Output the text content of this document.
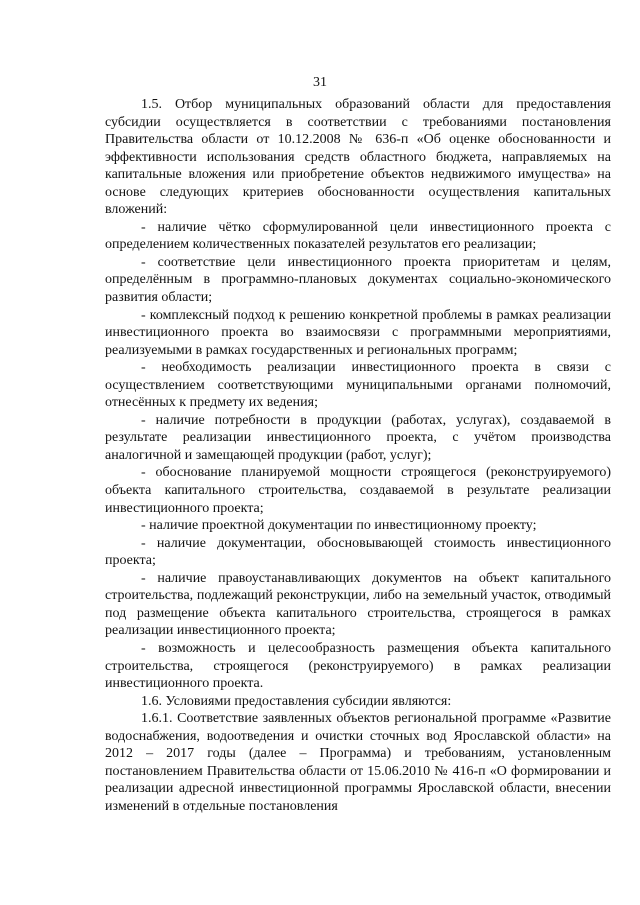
31

1.5. Отбор муниципальных образований области для предоставления субсидии осуществляется в соответствии с требованиями постановления Правительства области от 10.12.2008 № 636-п «Об оценке обоснованности и эффективности использования средств областного бюджета, направляемых на капитальные вложения или приобретение объектов недвижимого имущества» на основе следующих критериев обоснованности осуществления капитальных вложений:

- наличие чётко сформулированной цели инвестиционного проекта с определением количественных показателей результатов его реализации;

- соответствие цели инвестиционного проекта приоритетам и целям, определённым в программно-плановых документах социально-экономического развития области;

- комплексный подход к решению конкретной проблемы в рамках реализации инвестиционного проекта во взаимосвязи с программными мероприятиями, реализуемыми в рамках государственных и региональных программ;

- необходимость реализации инвестиционного проекта в связи с осуществлением соответствующими муниципальными органами полномочий, отнесённых к предмету их ведения;

- наличие потребности в продукции (работах, услугах), создаваемой в результате реализации инвестиционного проекта, с учётом производства аналогичной и замещающей продукции (работ, услуг);

- обоснование планируемой мощности строящегося (реконструируемого) объекта капитального строительства, создаваемой в результате реализации инвестиционного проекта;

- наличие проектной документации по инвестиционному проекту;

- наличие документации, обосновывающей стоимость инвестиционного проекта;

- наличие правоустанавливающих документов на объект капитального строительства, подлежащий реконструкции, либо на земельный участок, отводимый под размещение объекта капитального строительства, строящегося в рамках реализации инвестиционного проекта;

- возможность и целесообразность размещения объекта капитального строительства, строящегося (реконструируемого) в рамках реализации инвестиционного проекта.

1.6. Условиями предоставления субсидии являются:

1.6.1. Соответствие заявленных объектов региональной программе «Развитие водоснабжения, водоотведения и очистки сточных вод Ярославской области» на 2012 – 2017 годы (далее – Программа) и требованиям, установленным постановлением Правительства области от 15.06.2010 № 416-п «О формировании и реализации адресной инвестиционной программы Ярославской области, внесении изменений в отдельные постановления
